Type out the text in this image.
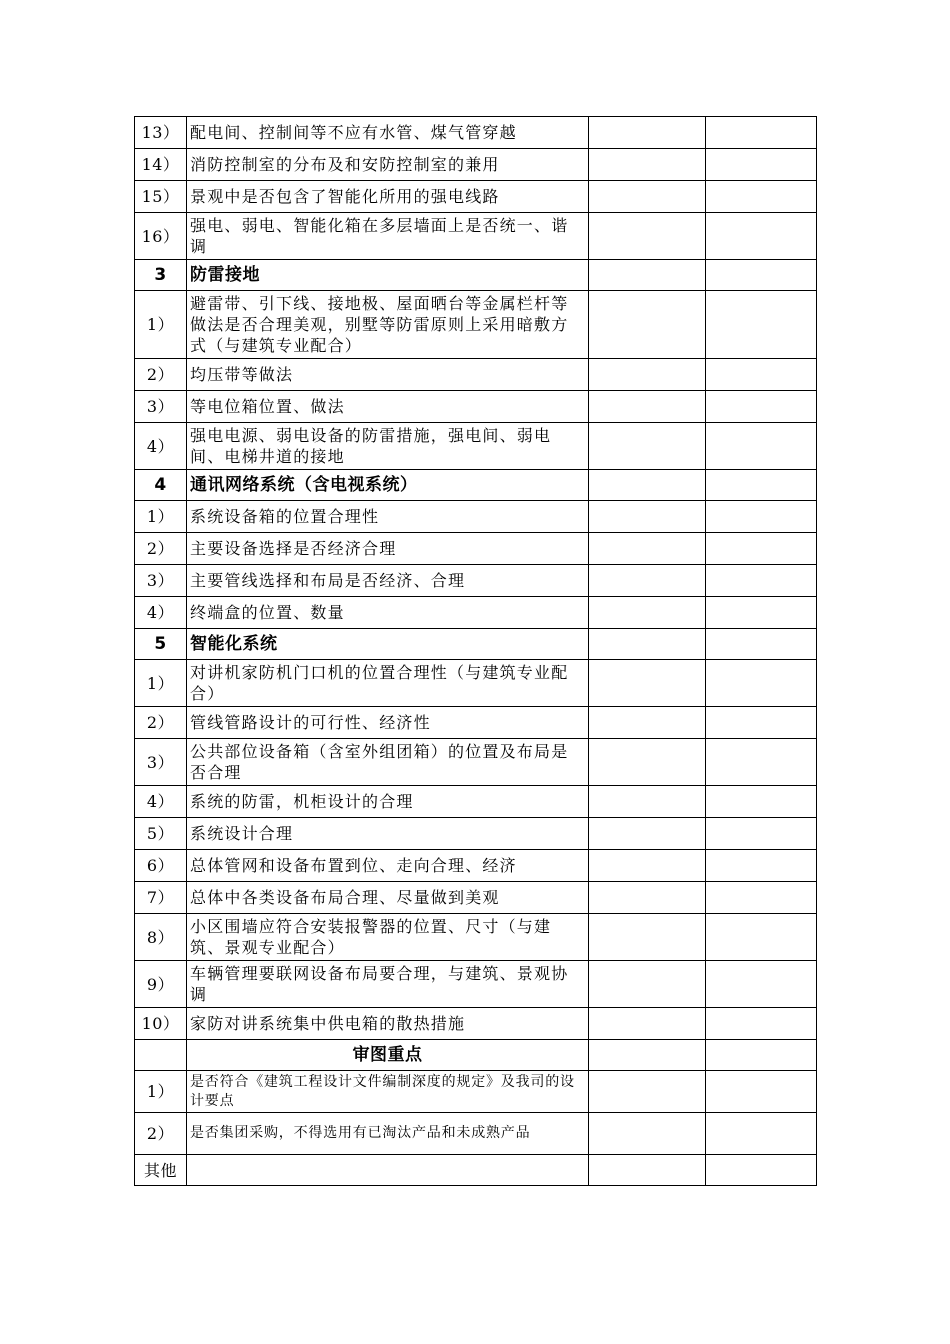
13）	配电间、控制间等不应有水管、煤气管穿越		
14）	消防控制室的分布及和安防控制室的兼用		
15）	景观中是否包含了智能化所用的强电线路		
16）	强电、弱电、智能化箱在多层墙面上是否统一、谐调		
3	防雷接地		
1）	避雷带、引下线、接地极、屋面晒台等金属栏杆等做法是否合理美观，别墅等防雷原则上采用暗敷方式（与建筑专业配合）		
2）	均压带等做法		
3）	等电位箱位置、做法		
4）	强电电源、弱电设备的防雷措施，强电间、弱电间、电梯井道的接地		
4	通讯网络系统（含电视系统）		
1）	系统设备箱的位置合理性		
2）	主要设备选择是否经济合理		
3）	主要管线选择和布局是否经济、合理		
4）	终端盒的位置、数量		
5	智能化系统		
1）	对讲机家防机门口机的位置合理性（与建筑专业配合）		
2）	管线管路设计的可行性、经济性		
3）	公共部位设备箱（含室外组团箱）的位置及布局是否合理		
4）	系统的防雷，机柜设计的合理		
5）	系统设计合理		
6）	总体管网和设备布置到位、走向合理、经济		
7）	总体中各类设备布局合理、尽量做到美观		
8）	小区围墙应符合安装报警器的位置、尺寸（与建筑、景观专业配合）		
9）	车辆管理要联网设备布局要合理，与建筑、景观协调		
10）	家防对讲系统集中供电箱的散热措施		
	审图重点		
1）	是否符合《建筑工程设计文件编制深度的规定》及我司的设计要点		
2）	是否集团采购，不得选用有已淘汰产品和未成熟产品		
其他			
